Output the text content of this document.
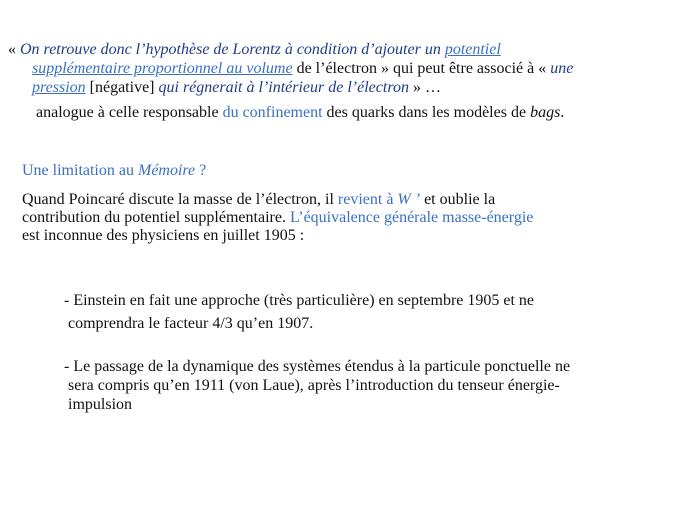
« On retrouve donc l’hypothèse de Lorentz à condition d’ajouter un potentiel
supplémentaire proportionnel au volume de l’électron » qui peut être associé à « une
pression [négative] qui régnerait à l’intérieur de l’électron » …

analogue à celle responsable du confinement des quarks dans les modèles de bags.

Une limitation au Mémoire ?

Quand Poincaré discute la masse de l’électron, il revient à W ’ et oublie la
contribution du potentiel supplémentaire. L’équivalence générale masse-énergie
est inconnue des physiciens en juillet 1905 :

- Einstein en fait une approche (très particulière) en septembre 1905 et ne
comprendra le facteur 4/3 qu’en 1907.

- Le passage de la dynamique des systèmes étendus à la particule ponctuelle ne
sera compris qu’en 1911 (von Laue), après l’introduction du tenseur énergie-
impulsion
